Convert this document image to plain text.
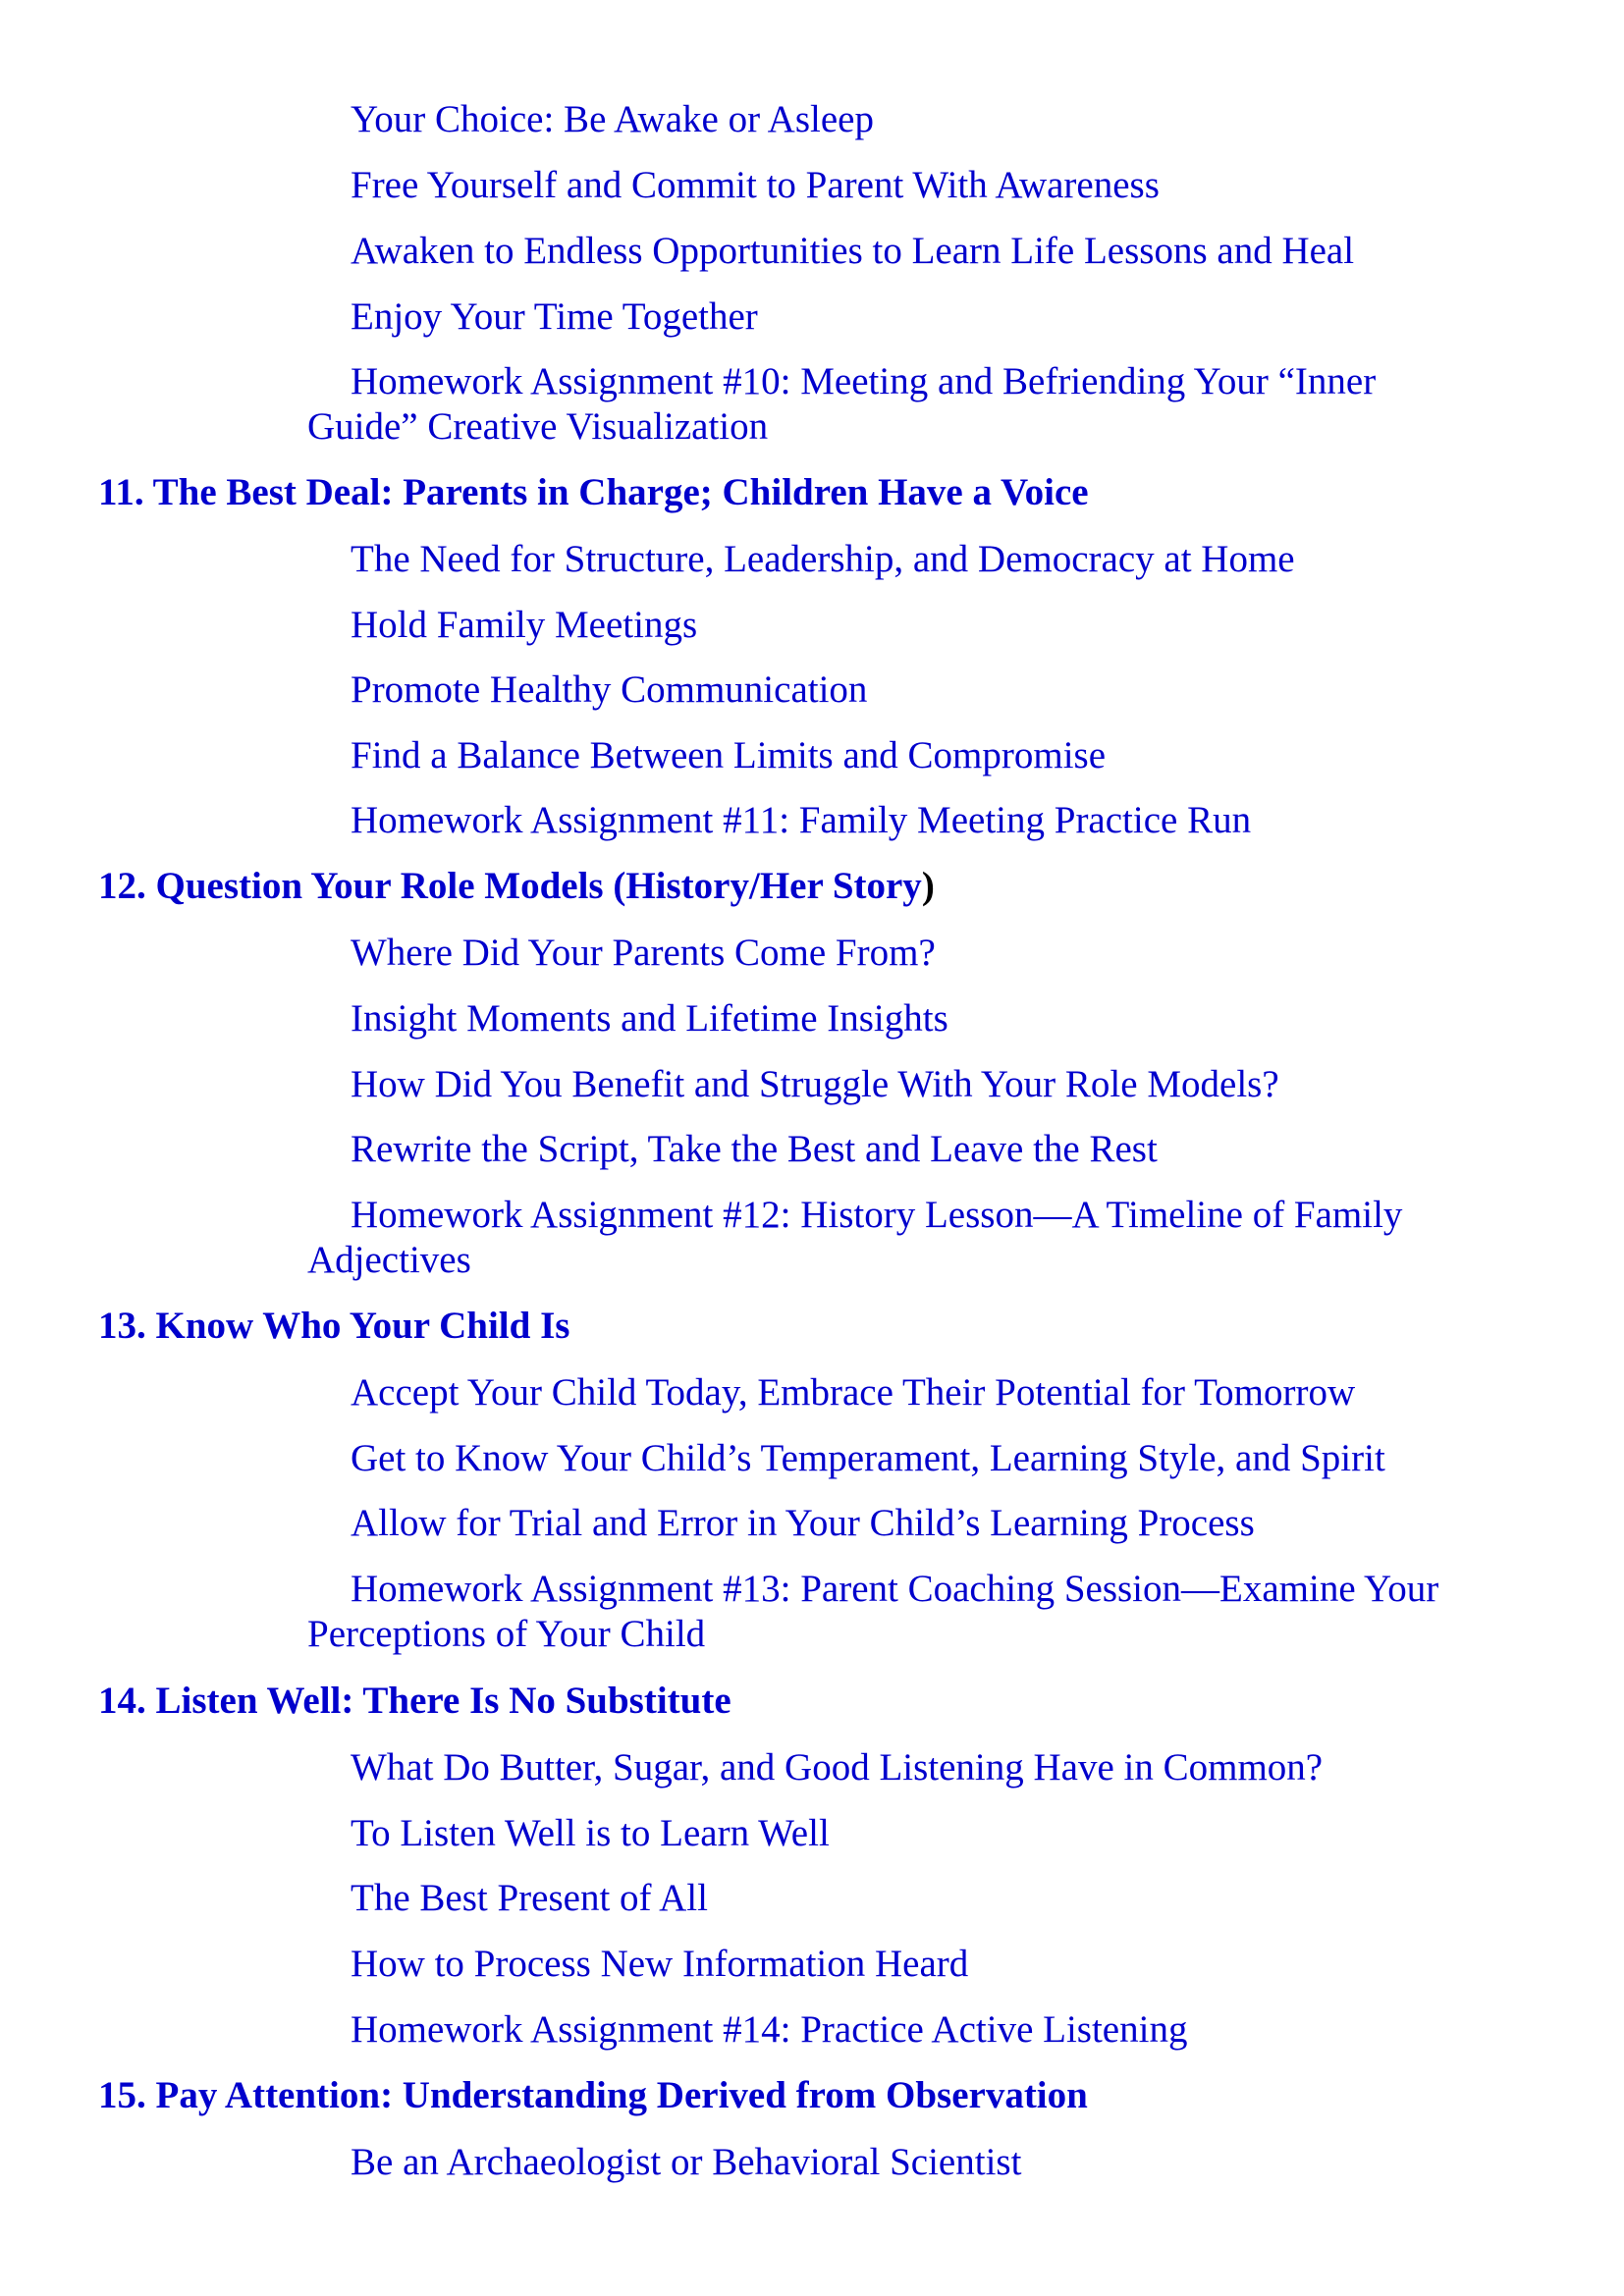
Your Choice: Be Awake or Asleep

Free Yourself and Commit to Parent With Awareness

Awaken to Endless Opportunities to Learn Life Lessons and Heal

Enjoy Your Time Together

Homework Assignment #10: Meeting and Befriending Your “Inner
Guide” Creative Visualization

11. The Best Deal: Parents in Charge; Children Have a Voice

The Need for Structure, Leadership, and Democracy at Home

Hold Family Meetings

Promote Healthy Communication

Find a Balance Between Limits and Compromise

Homework Assignment #11: Family Meeting Practice Run

12. Question Your Role Models (History/Her Story)

Where Did Your Parents Come From?

Insight Moments and Lifetime Insights

How Did You Benefit and Struggle With Your Role Models?

Rewrite the Script, Take the Best and Leave the Rest

Homework Assignment #12: History Lesson—A Timeline of Family
Adjectives

13. Know Who Your Child Is

Accept Your Child Today, Embrace Their Potential for Tomorrow

Get to Know Your Child’s Temperament, Learning Style, and Spirit

Allow for Trial and Error in Your Child’s Learning Process

Homework Assignment #13: Parent Coaching Session—Examine Your
Perceptions of Your Child

14. Listen Well: There Is No Substitute

What Do Butter, Sugar, and Good Listening Have in Common?

To Listen Well is to Learn Well

The Best Present of All

How to Process New Information Heard

Homework Assignment #14: Practice Active Listening

15. Pay Attention: Understanding Derived from Observation

Be an Archaeologist or Behavioral Scientist
